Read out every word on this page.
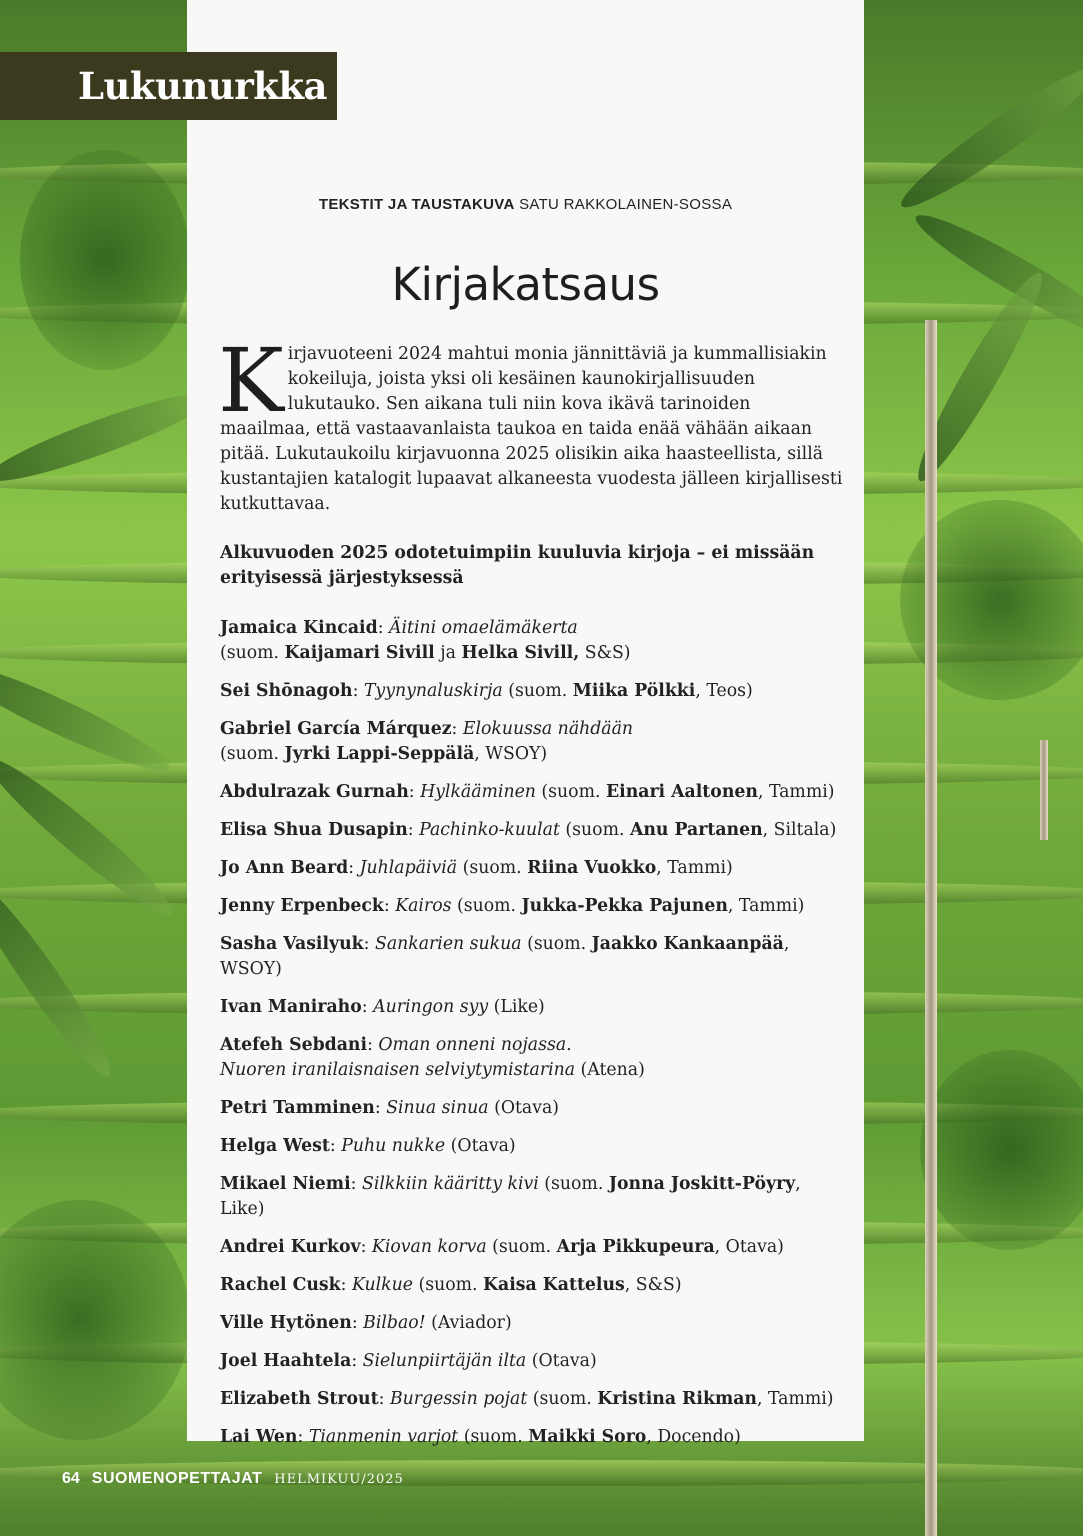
Lukunurkka
TEKSTIT JA TAUSTAKUVA SATU RAKKOLAINEN-SOSSA
Kirjakatsaus
Kirjavuoteeni 2024 mahtui monia jännittäviä ja kummallisiakin kokeiluja, joista yksi oli kesäinen kaunokirjallisuuden lukutauko. Sen aikana tuli niin kova ikävä tarinoiden maailmaa, että vastaavanlaista taukoa en taida enää vähään aikaan pitää. Lukutaukoilu kirjavuonna 2025 olisikin aika haasteellista, sillä kustantajien katalogit lupaavat alkaneesta vuodesta jälleen kirjallisesti kutkuttavaa.
Alkuvuoden 2025 odotetuimpiin kuuluvia kirjoja – ei missään erityisessä järjestyksessä
Jamaica Kincaid: Äitini omaelämäkerta
(suom. Kaijamari Sivill ja Helka Sivill, S&S)
Sei Shōnagoh: Tyynynaluskirja (suom. Miika Pölkki, Teos)
Gabriel García Márquez: Elokuussa nähdään
(suom. Jyrki Lappi-Seppälä, WSOY)
Abdulrazak Gurnah: Hylkääminen (suom. Einari Aaltonen, Tammi)
Elisa Shua Dusapin: Pachinko-kuulat (suom. Anu Partanen, Siltala)
Jo Ann Beard: Juhlapäiviä (suom. Riina Vuokko, Tammi)
Jenny Erpenbeck: Kairos (suom. Jukka-Pekka Pajunen, Tammi)
Sasha Vasilyuk: Sankarien sukua (suom. Jaakko Kankaanpää, WSOY)
Ivan Maniraho: Auringon syy (Like)
Atefeh Sebdani: Oman onneni nojassa.
Nuoren iranilaisnaisen selviytymistarina (Atena)
Petri Tamminen: Sinua sinua (Otava)
Helga West: Puhu nukke (Otava)
Mikael Niemi: Silkkiin kääritty kivi (suom. Jonna Joskitt-Pöyry, Like)
Andrei Kurkov: Kiovan korva (suom. Arja Pikkupeura, Otava)
Rachel Cusk: Kulkue (suom. Kaisa Kattelus, S&S)
Ville Hytönen: Bilbao! (Aviador)
Joel Haahtela: Sielunpiirtäjän ilta (Otava)
Elizabeth Strout: Burgessin pojat (suom. Kristina Rikman, Tammi)
Lai Wen: Tianmenin varjot (suom. Maikki Soro, Docendo)
64 SUOMENOPETTAJAT HELMIKUU/2025
